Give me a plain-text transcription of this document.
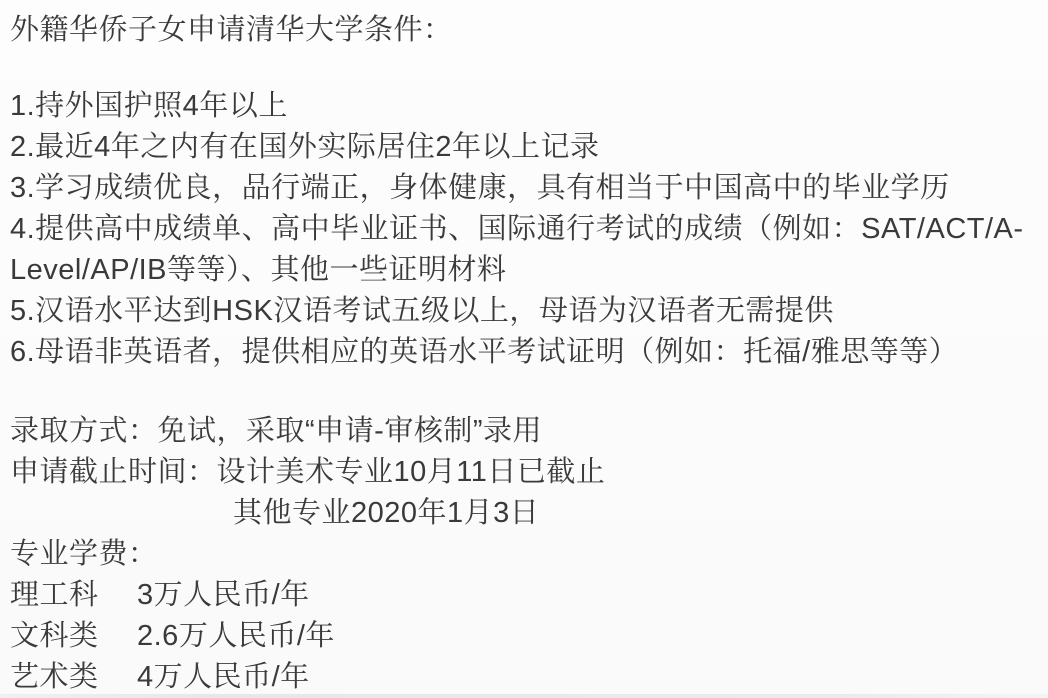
外籍华侨子女申请清华大学条件：
1.持外国护照4年以上
2.最近4年之内有在国外实际居住2年以上记录
3.学习成绩优良，品行端正，身体健康，具有相当于中国高中的毕业学历
4.提供高中成绩单、高中毕业证书、国际通行考试的成绩（例如：SAT/ACT/A-Level/AP/IB等等）、其他一些证明材料
5.汉语水平达到HSK汉语考试五级以上，母语为汉语者无需提供
6.母语非英语者，提供相应的英语水平考试证明（例如：托福/雅思等等）
录取方式：免试，采取“申请-审核制”录用
申请截止时间：设计美术专业10月11日已截止
其他专业2020年1月3日
专业学费：
理工科	3万人民币/年
文科类	2.6万人民币/年
艺术类	4万人民币/年
